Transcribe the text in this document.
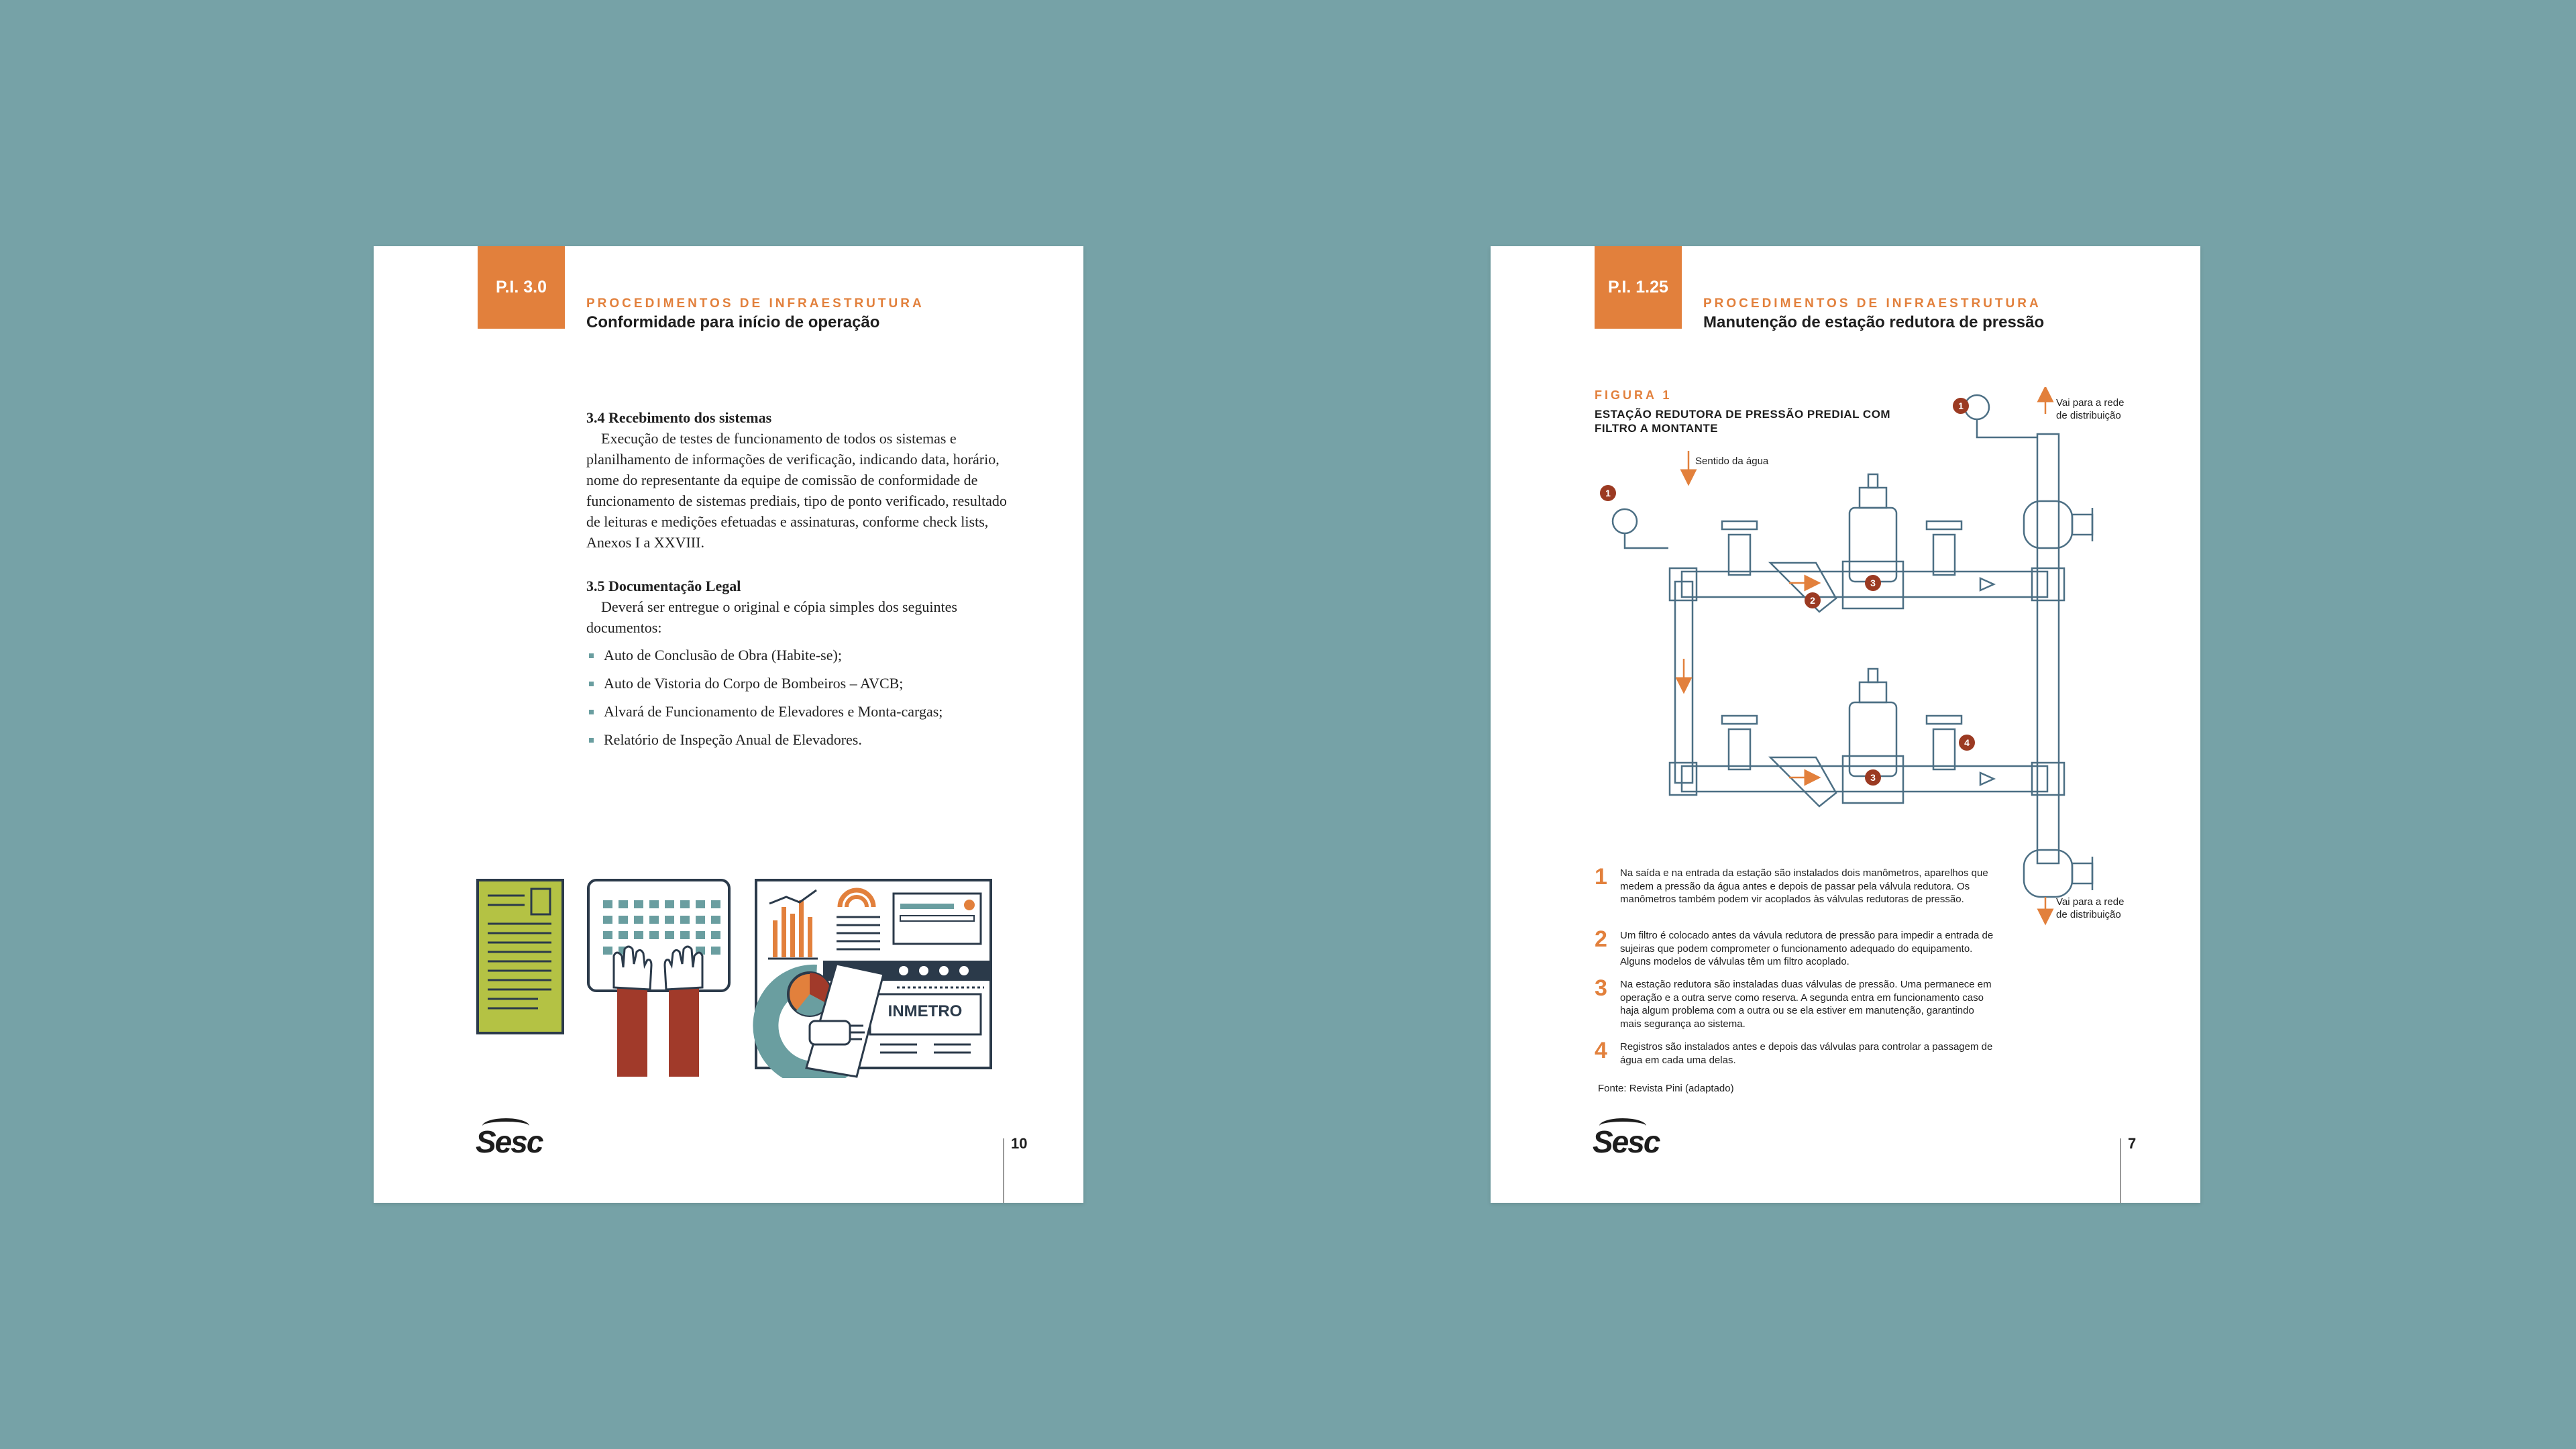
P.I. 3.0
PROCEDIMENTOS DE INFRAESTRUTURA
Conformidade para início de operação
3.4 Recebimento dos sistemas

Execução de testes de funcionamento de todos os sistemas e planilhamento de informações de verificação, indicando data, horário, nome do representante da equipe de comissão de conformidade de funcionamento de sistemas prediais, tipo de ponto verificado, resultado de leituras e medições efetuadas e assinaturas, conforme check lists, Anexos I a XXVIII.

3.5 Documentação Legal

Deverá ser entregue o original e cópia simples dos seguintes documentos:

Auto de Conclusão de Obra (Habite-se);
Auto de Vistoria do Corpo de Bombeiros – AVCB;
Alvará de Funcionamento de Elevadores e Monta-cargas;
Relatório de Inspeção Anual de Elevadores.
INMETRO
Sesc	10
P.I. 1.25
PROCEDIMENTOS DE INFRAESTRUTURA
Manutenção de estação redutora de pressão
FIGURA 1
ESTAÇÃO REDUTORA DE PRESSÃO PREDIAL COM FILTRO A MONTANTE
Sentido da água
Vai para a rede
de distribuição
Vai para a rede
de distribuição
1
1
2
3
3
4
1 Na saída e na entrada da estação são instalados dois manômetros, aparelhos que medem a pressão da água antes e depois de passar pela válvula redutora. Os manômetros também podem vir acoplados às válvulas redutoras de pressão.
2 Um filtro é colocado antes da vávula redutora de pressão para impedir a entrada de sujeiras que podem comprometer o funcionamento adequado do equipamento. Alguns modelos de válvulas têm um filtro acoplado.
3 Na estação redutora são instaladas duas válvulas de pressão. Uma permanece em operação e a outra serve como reserva. A segunda entra em funcionamento caso haja algum problema com a outra ou se ela estiver em manutenção, garantindo mais segurança ao sistema.
4 Registros são instalados antes e depois das válvulas para controlar a passagem de água em cada uma delas.
Fonte: Revista Pini (adaptado)
Sesc	7
